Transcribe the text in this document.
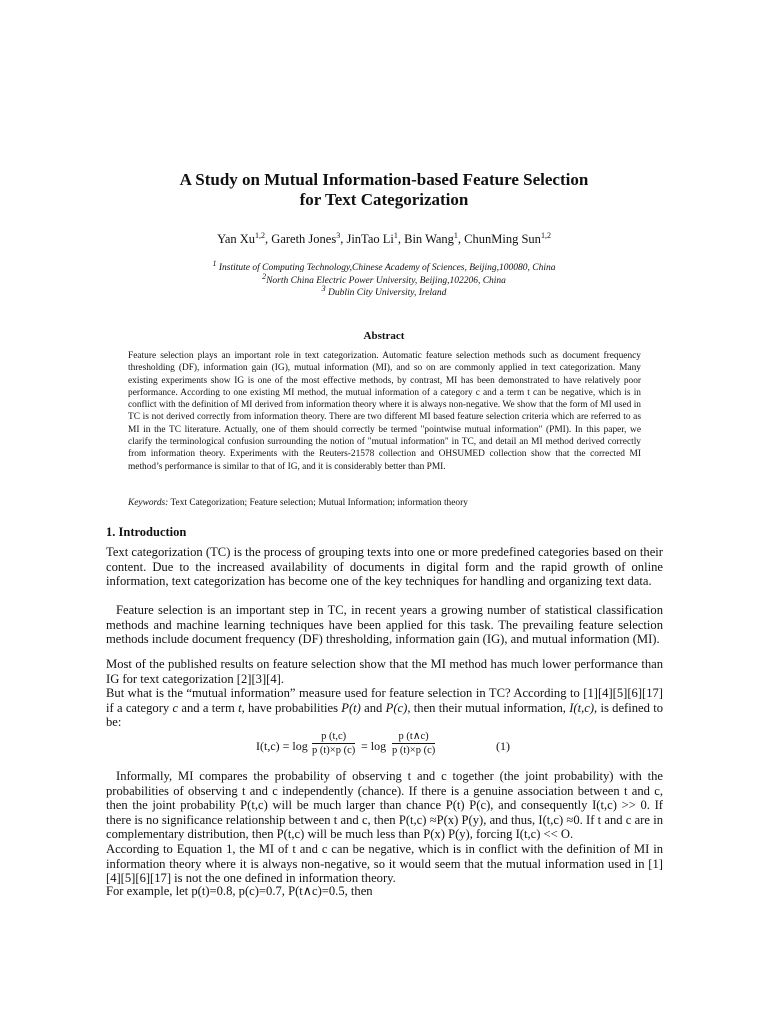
A Study on Mutual Information-based Feature Selection
for Text Categorization
Yan Xu$^{1,2}$, Gareth Jones$^3$, JinTao Li$^1$, Bin Wang$^1$, ChunMing Sun$^{1,2}$
$^1$ Institute of Computing Technology,Chinese Academy of Sciences, Beijing,100080, China
$^2$North China Electric Power University, Beijing,102206, China
$^3$ Dublin City University, Ireland
Abstract
Feature selection plays an important role in text categorization. Automatic feature selection methods such as document frequency thresholding (DF), information gain (IG), mutual information (MI), and so on are commonly applied in text categorization. Many existing experiments show IG is one of the most effective methods, by contrast, MI has been demonstrated to have relatively poor performance. According to one existing MI method, the mutual information of a category c and a term t can be negative, which is in conflict with the definition of MI derived from information theory where it is always non-negative. We show that the form of MI used in TC is not derived correctly from information theory. There are two different MI based feature selection criteria which are referred to as MI in the TC literature. Actually, one of them should correctly be termed "pointwise mutual information" (PMI). In this paper, we clarify the terminological confusion surrounding the notion of "mutual information" in TC, and detail an MI method derived correctly from information theory. Experiments with the Reuters-21578 collection and OHSUMED collection show that the corrected MI method’s performance is similar to that of IG, and it is considerably better than PMI.
Keywords: Text Categorization; Feature selection; Mutual Information; information theory
1. Introduction
Text categorization (TC) is the process of grouping texts into one or more predefined categories based on their content. Due to the increased availability of documents in digital form and the rapid growth of online information, text categorization has become one of the key techniques for handling and organizing text data.
Feature selection is an important step in TC, in recent years a growing number of statistical classification methods and machine learning techniques have been applied for this task. The prevailing feature selection methods include document frequency (DF) thresholding, information gain (IG), and mutual information (MI).
Most of the published results on feature selection show that the MI method has much lower performance than IG for text categorization [2][3][4].
But what is the “mutual information” measure used for feature selection in TC? According to [1][4][5][6][17] if a category c and a term t, have probabilities P(t) and P(c), then their mutual information, I(t,c), is defined to be:
$I(t,c) = \log \frac{p (t,c)}{p (t)\times p (c)} = \log \frac{p (t\wedge c)}{p (t)\times p (c)}$	(1)
Informally, MI compares the probability of observing t and c together (the joint probability) with the probabilities of observing t and c independently (chance). If there is a genuine association between t and c, then the joint probability P(t,c) will be much larger than chance P(t) P(c), and consequently I(t,c) >> 0. If there is no significance relationship between t and c, then P(t,c) ≈P(x) P(y), and thus, I(t,c) ≈0. If t and c are in complementary distribution, then P(t,c) will be much less than P(x) P(y), forcing I(t,c) << O.
According to Equation 1, the MI of t and c can be negative, which is in conflict with the definition of MI in information theory where it is always non-negative, so it would seem that the mutual information used in [1][4][5][6][17] is not the one defined in information theory.
For example, let p(t)=0.8, p(c)=0.7, P(t∧c)=0.5, then
